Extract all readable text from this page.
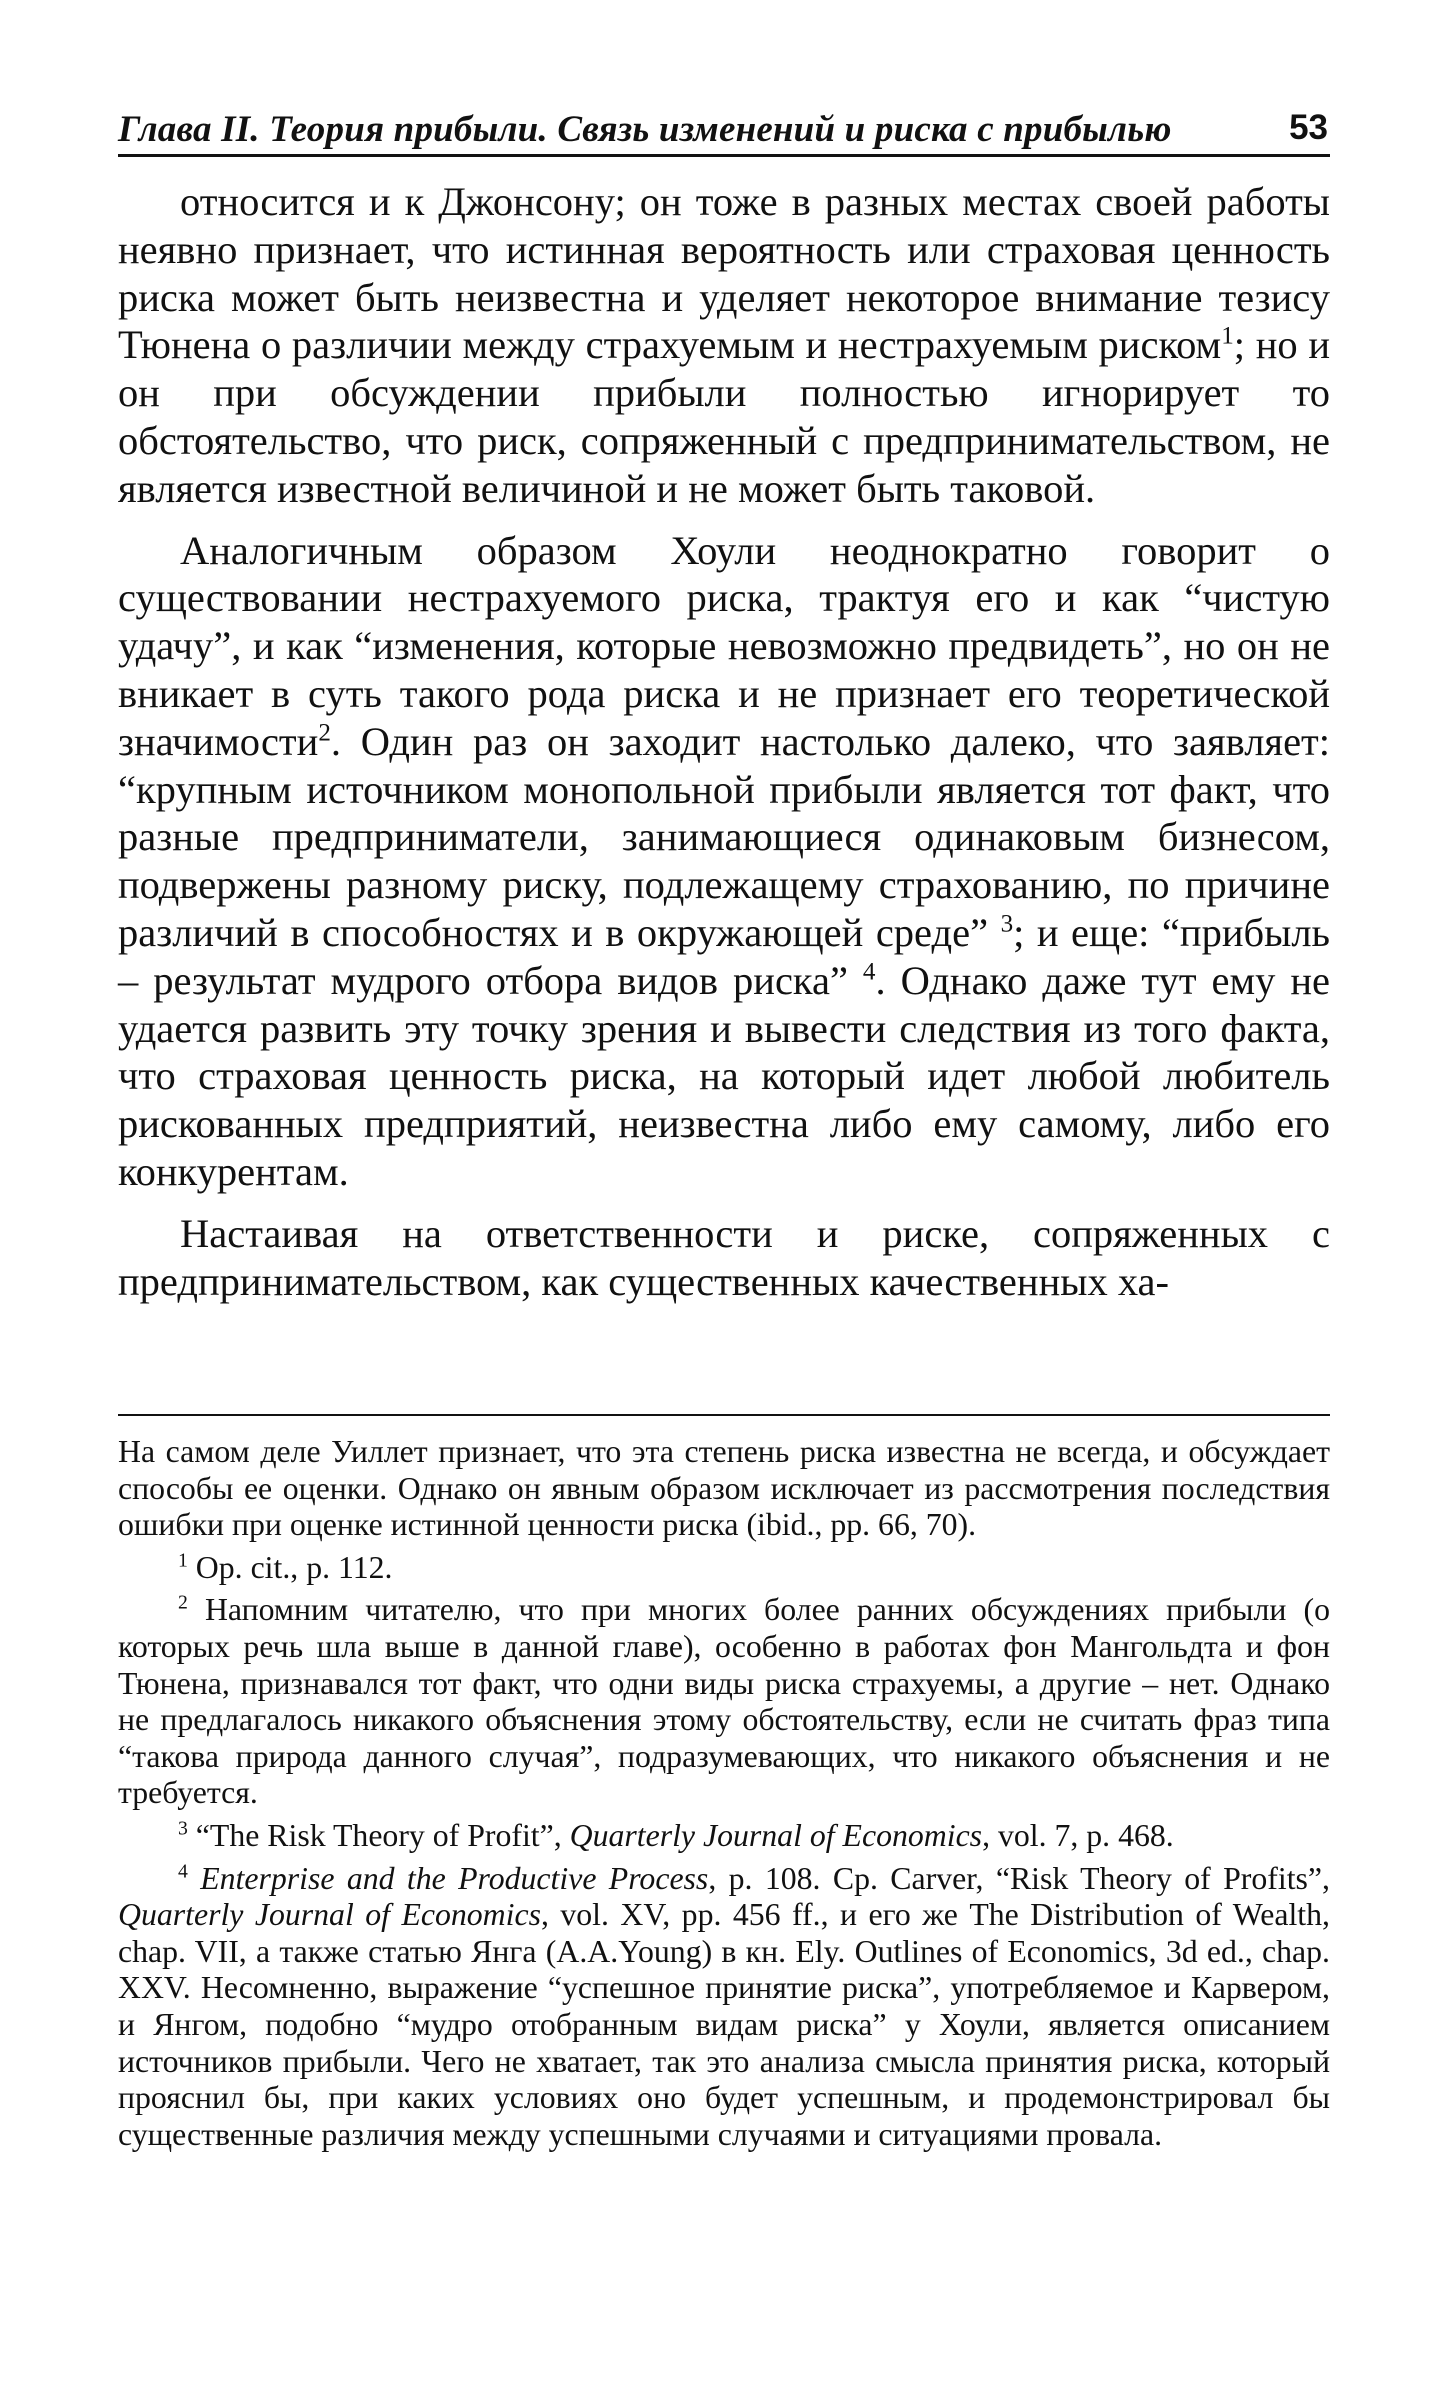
Глава II. Теория прибыли. Связь изменений и риска с прибылью	53

относится и к Джонсону; он тоже в разных местах своей работы неявно признает, что истинная вероятность или страховая ценность риска может быть неизвестна и уделяет некоторое внимание тезису Тюнена о различии между страхуемым и нестрахуемым риском$^1$; но и он при обсуждении прибыли полностью игнорирует то обстоятельство, что риск, сопряженный с предпринимательством, не является известной величиной и не может быть таковой.

Аналогичным образом Хоули неоднократно говорит о существовании нестрахуемого риска, трактуя его и как “чистую удачу”, и как “изменения, которые невозможно предвидеть”, но он не вникает в суть такого рода риска и не признает его теоретической значимости$^2$. Один раз он заходит настолько далеко, что заявляет: “крупным источником монопольной прибыли является тот факт, что разные предприниматели, занимающиеся одинаковым бизнесом, подвержены разному риску, подлежащему страхованию, по причине различий в способностях и в окружающей среде” $^3$; и еще: “прибыль – результат мудрого отбора видов риска” $^4$. Однако даже тут ему не удается развить эту точку зрения и вывести следствия из того факта, что страховая ценность риска, на который идет любой любитель рискованных предприятий, неизвестна либо ему самому, либо его конкурентам.

Настаивая на ответственности и риске, сопряженных с предпринимательством, как существенных качественных ха-

На самом деле Уиллет признает, что эта степень риска известна не всегда, и обсуждает способы ее оценки. Однако он явным образом исключает из рассмотрения последствия ошибки при оценке истинной ценности риска (ibid., pp. 66, 70).

$^1$ Op. cit., p. 112.

$^2$ Напомним читателю, что при многих более ранних обсуждениях прибыли (о которых речь шла выше в данной главе), особенно в работах фон Мангольдта и фон Тюнена, признавался тот факт, что одни виды риска страхуемы, а другие – нет. Однако не предлагалось никакого объяснения этому обстоятельству, если не считать фраз типа “такова природа данного случая”, подразумевающих, что никакого объяснения и не требуется.

$^3$ “The Risk Theory of Profit”, Quarterly Journal of Economics, vol. 7, p. 468.

$^4$ Enterprise and the Productive Process, p. 108. Cp. Carver, “Risk Theory of Profits”, Quarterly Journal of Economics, vol. XV, pp. 456 ff., и его же The Distribution of Wealth, chap. VII, а также статью Янга (A.A.Young) в кн. Ely. Outlines of Economics, 3d ed., chap. XXV. Несомненно, выражение “успешное принятие риска”, употребляемое и Карвером, и Янгом, подобно “мудро отобранным видам риска” у Хоули, является описанием источников прибыли. Чего не хватает, так это анализа смысла принятия риска, который прояснил бы, при каких условиях оно будет успешным, и продемонстрировал бы существенные различия между успешными случаями и ситуациями провала.
